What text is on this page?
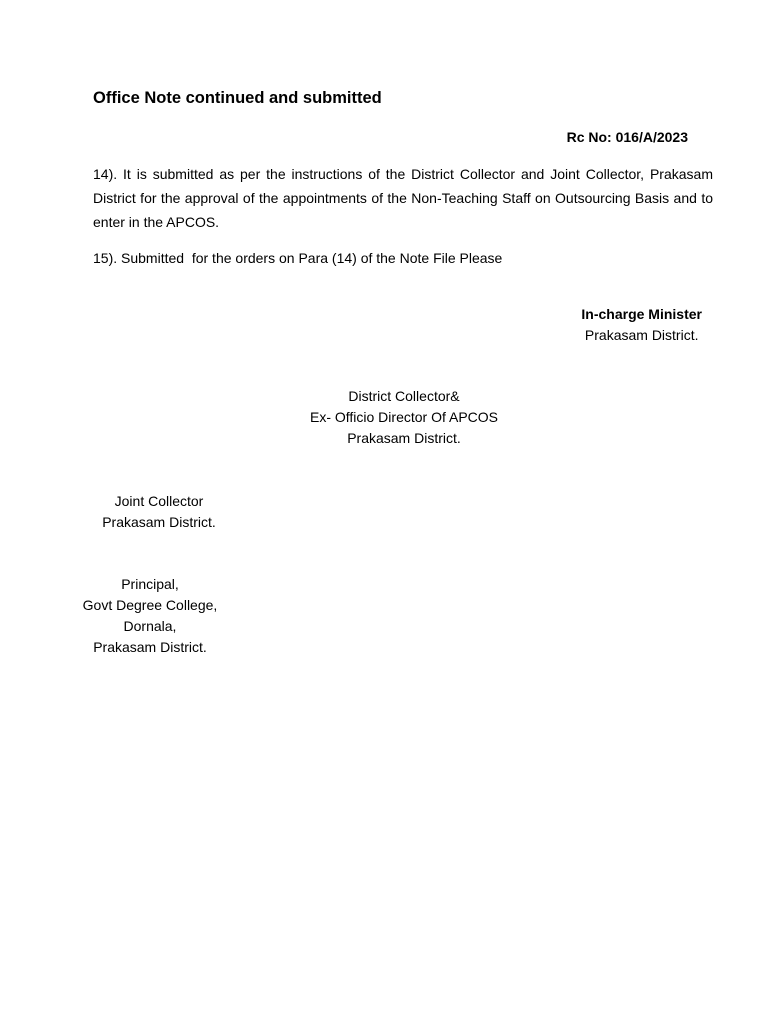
Office Note continued and submitted
Rc No: 016/A/2023

14). It is submitted as per the instructions of the District Collector and Joint Collector, Prakasam District for the approval of the appointments of the Non-Teaching Staff on Outsourcing Basis and to enter in the APCOS.

15). Submitted  for the orders on Para (14) of the Note File Please

In-charge Minister
Prakasam District.
District Collector&
Ex- Officio Director Of APCOS
Prakasam District.
Joint Collector
Prakasam District.
Principal,
Govt Degree College,
Dornala,
Prakasam District.
